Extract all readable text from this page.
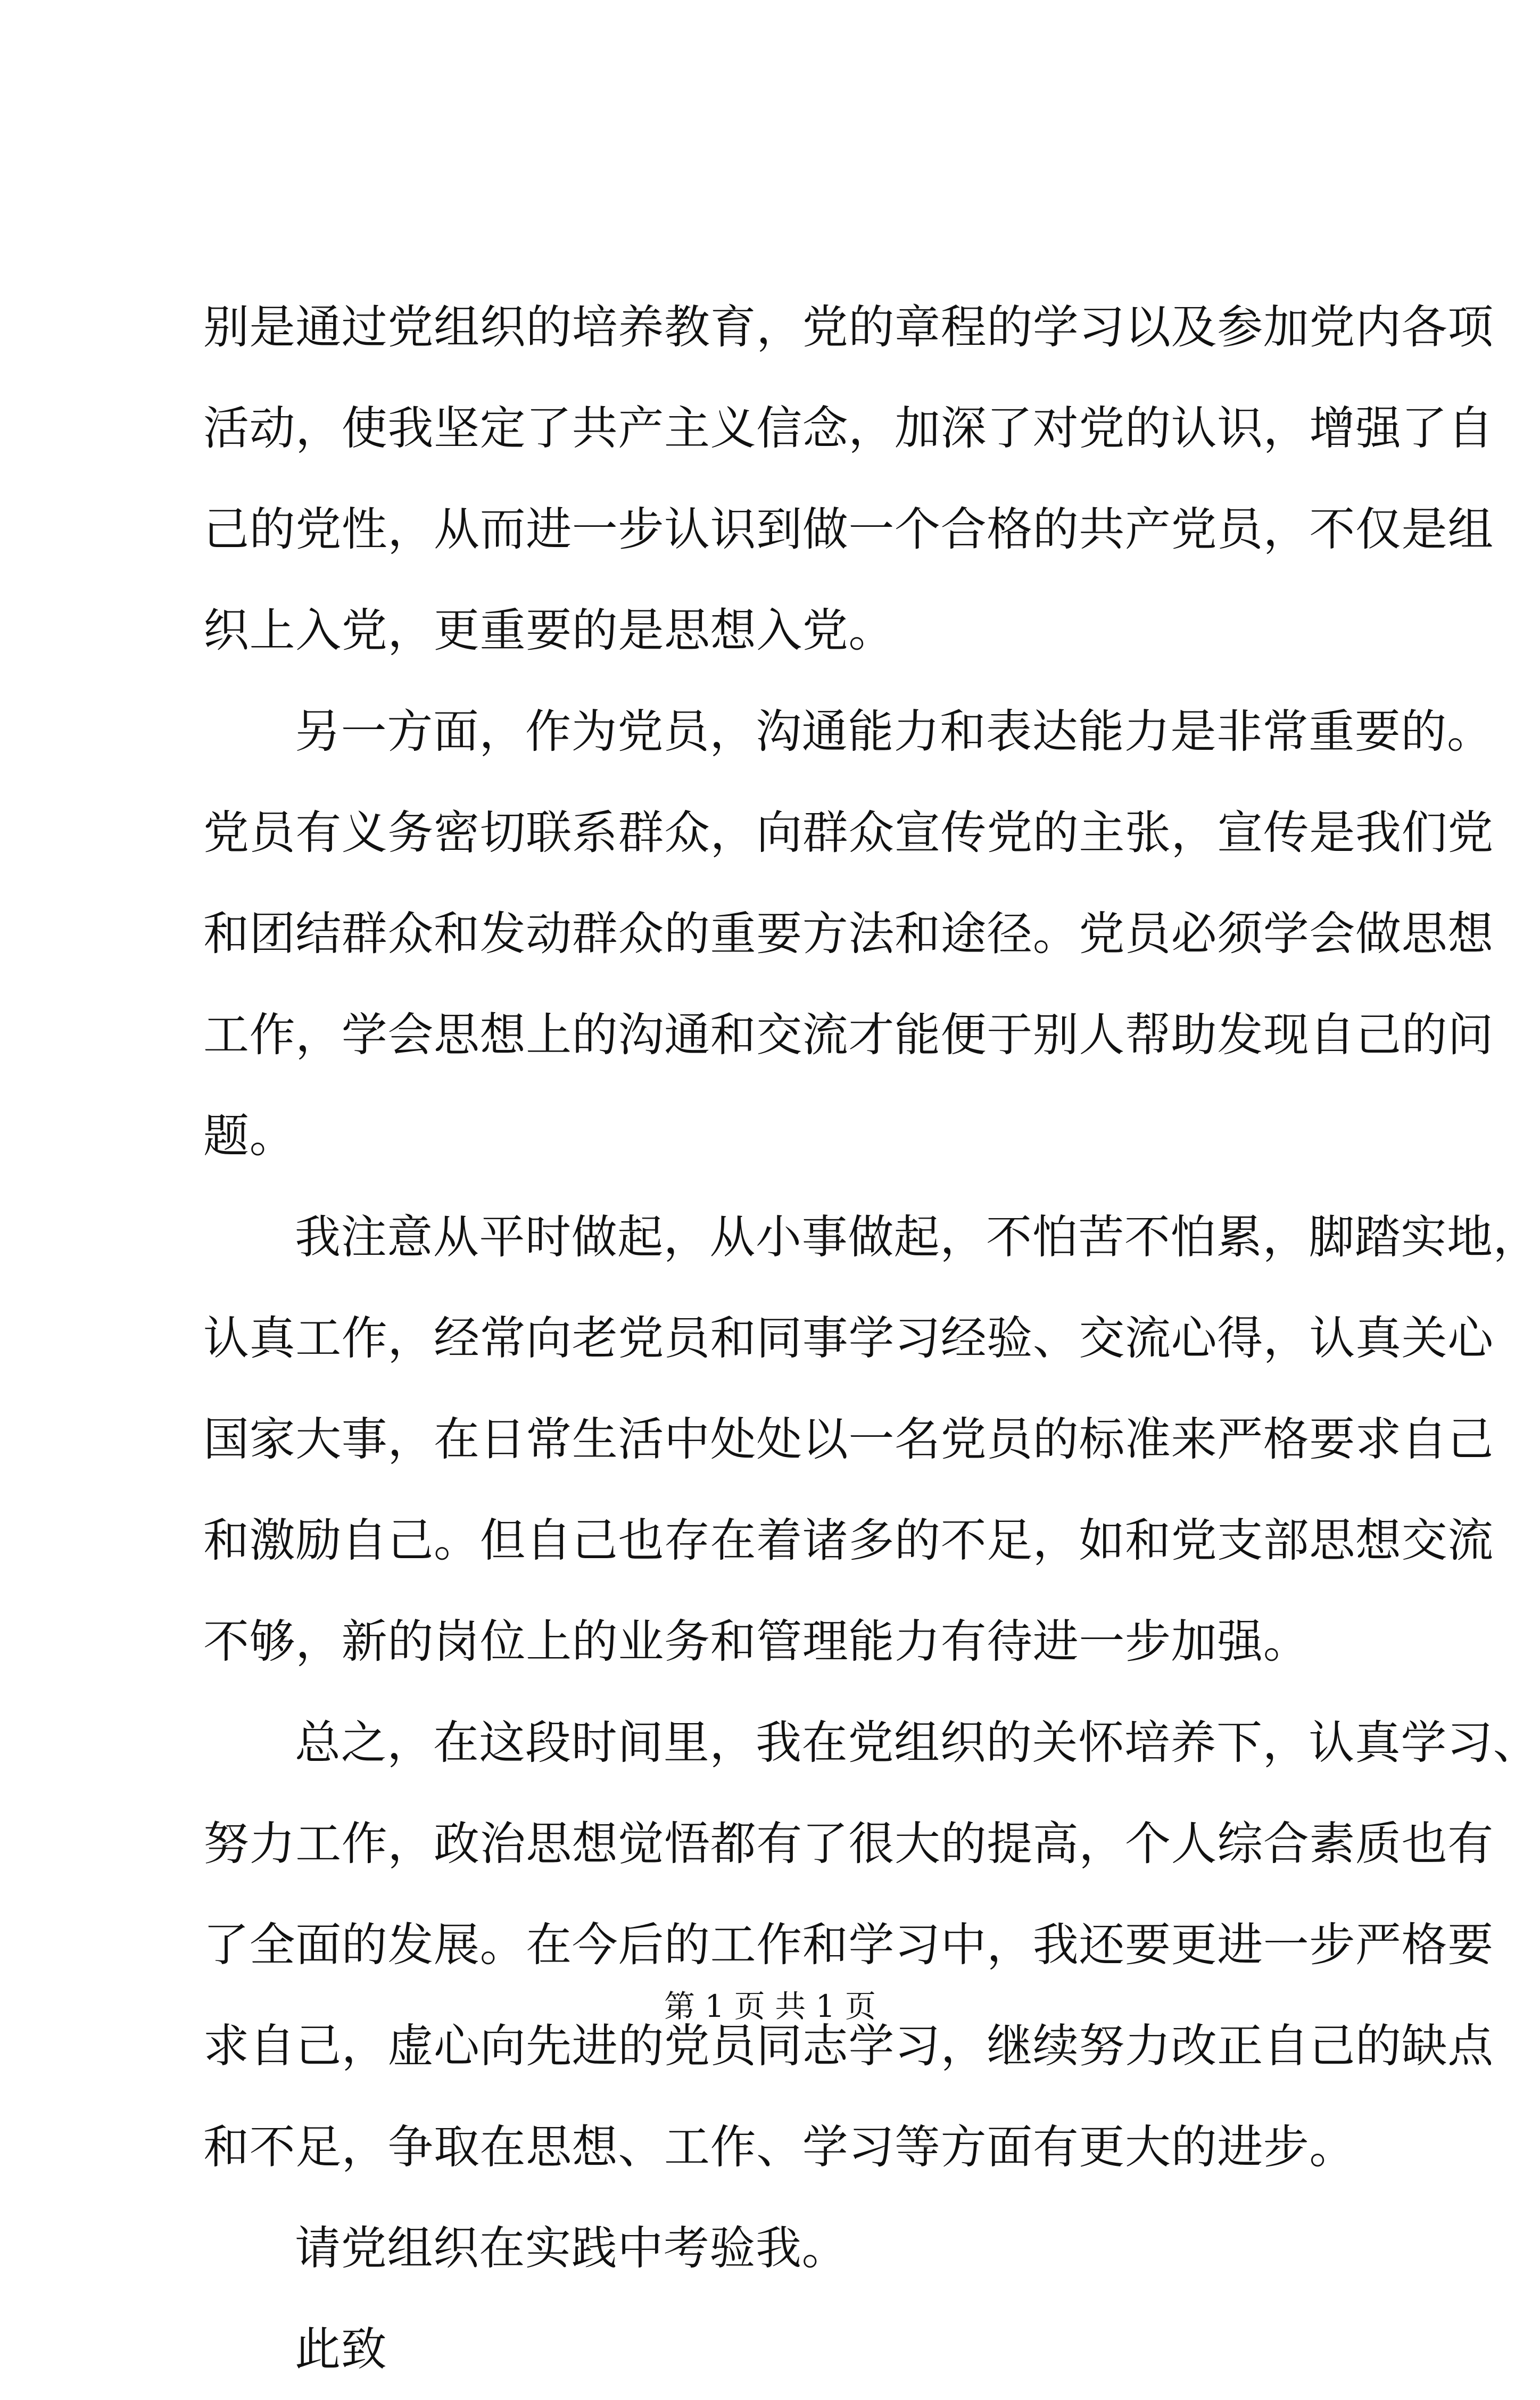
别是通过党组织的培养教育，党的章程的学习以及参加党内各项
活动，使我坚定了共产主义信念，加深了对党的认识，增强了自
己的党性，从而进一步认识到做一个合格的共产党员，不仅是组
织上入党，更重要的是思想入党。
另一方面，作为党员，沟通能力和表达能力是非常重要的。
党员有义务密切联系群众，向群众宣传党的主张，宣传是我们党
和团结群众和发动群众的重要方法和途径。党员必须学会做思想
工作，学会思想上的沟通和交流才能便于别人帮助发现自己的问
题。
我注意从平时做起，从小事做起，不怕苦不怕累，脚踏实地，
认真工作，经常向老党员和同事学习经验、交流心得，认真关心
国家大事，在日常生活中处处以一名党员的标准来严格要求自己
和激励自己。但自己也存在着诸多的不足，如和党支部思想交流
不够，新的岗位上的业务和管理能力有待进一步加强。
总之，在这段时间里，我在党组织的关怀培养下，认真学习、
努力工作，政治思想觉悟都有了很大的提高，个人综合素质也有
了全面的发展。在今后的工作和学习中，我还要更进一步严格要
求自己，虚心向先进的党员同志学习，继续努力改正自己的缺点
和不足，争取在思想、工作、学习等方面有更大的进步。
请党组织在实践中考验我。
此致
第 1 页 共 1 页
